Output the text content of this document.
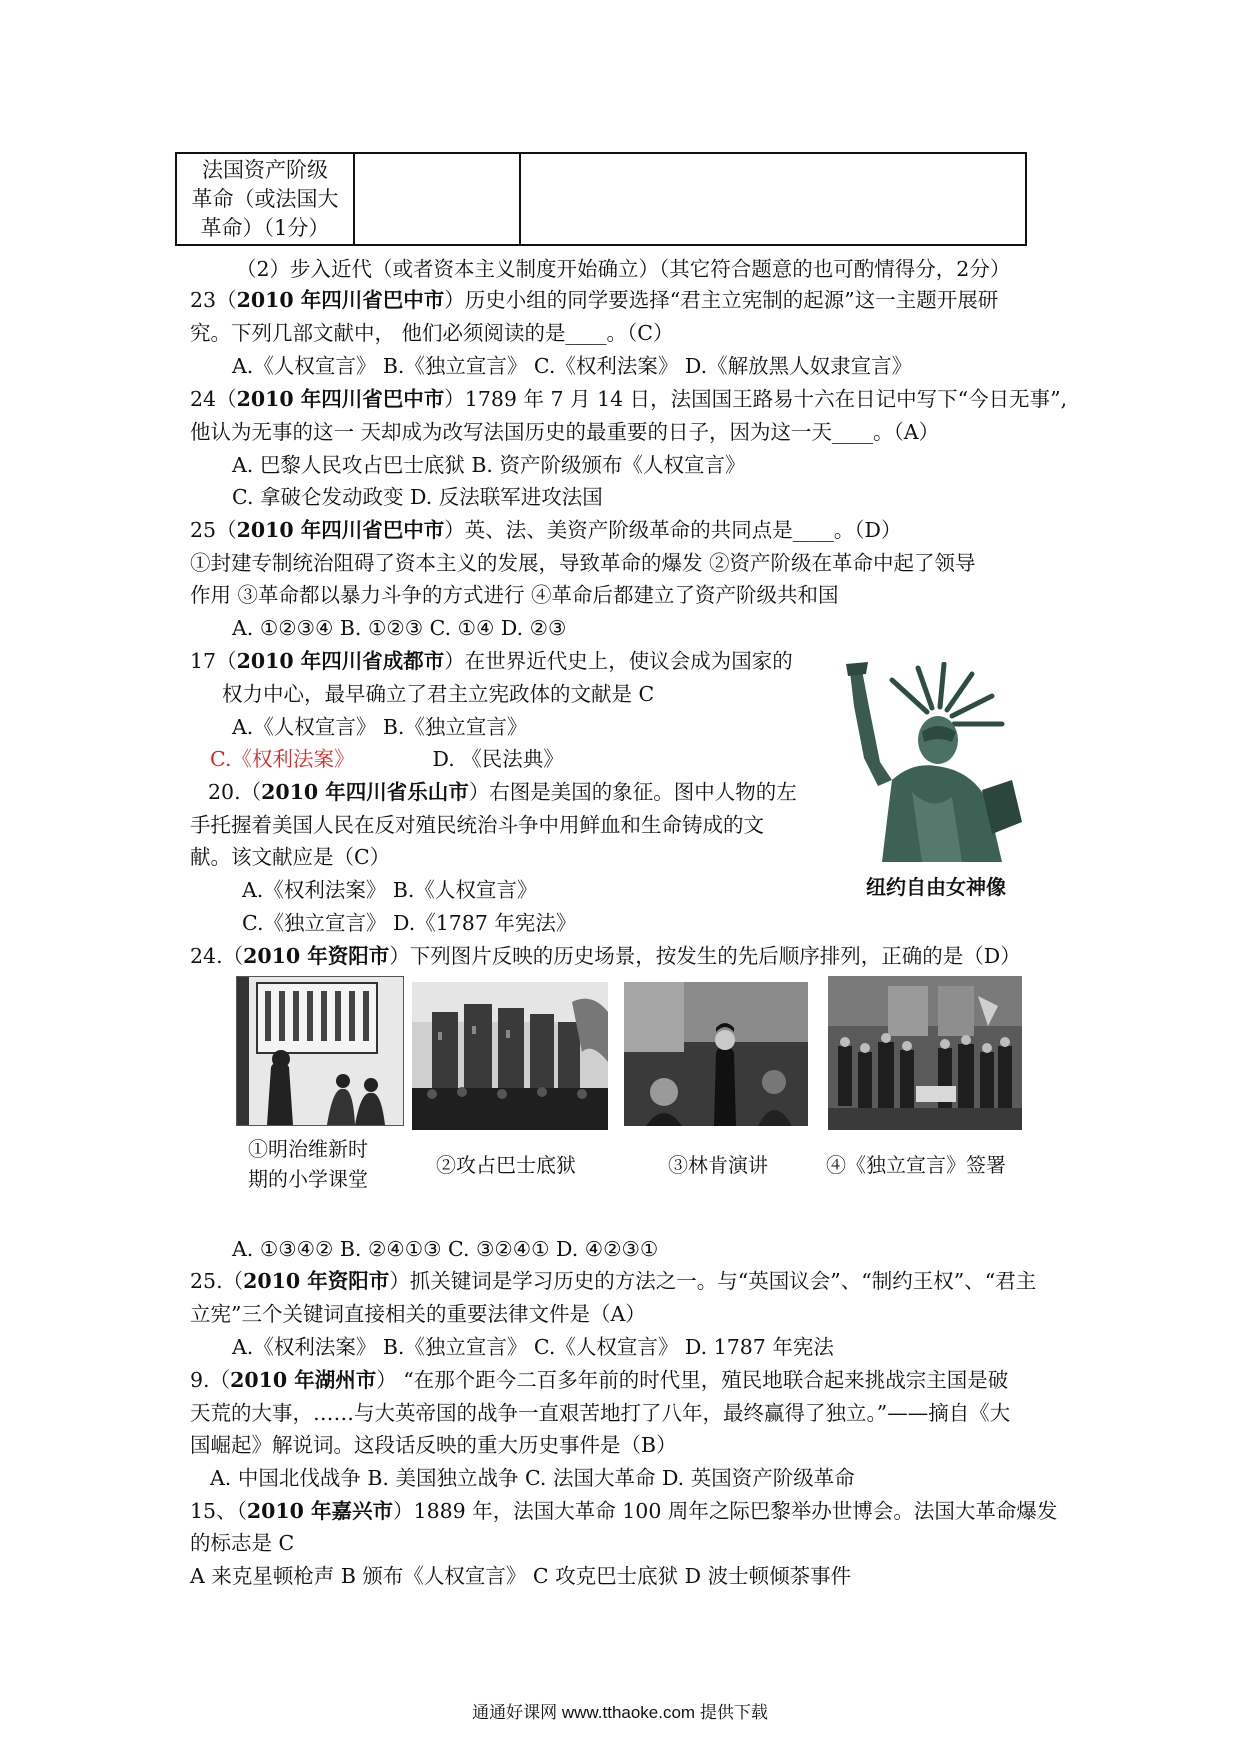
法国资产阶级
革命（或法国大
革命）（1分）
（2）步入近代（或者资本主义制度开始确立）（其它符合题意的也可酌情得分，2分）
23（2010 年四川省巴中市）历史小组的同学要选择“君主立宪制的起源”这一主题开展研
究。下列几部文献中， 他们必须阅读的是____。（C）
A.《人权宣言》 B.《独立宣言》 C.《权利法案》 D.《解放黑人奴隶宣言》
24（2010 年四川省巴中市）1789 年 7 月 14 日，法国国王路易十六在日记中写下“今日无事”,
他认为无事的这一 天却成为改写法国历史的最重要的日子，因为这一天____。（A）
A. 巴黎人民攻占巴士底狱 B. 资产阶级颁布《人权宣言》
C. 拿破仑发动政变 D. 反法联军进攻法国
25（2010 年四川省巴中市）英、法、美资产阶级革命的共同点是____。（D）
①封建专制统治阻碍了资本主义的发展，导致革命的爆发 ②资产阶级在革命中起了领导
作用 ③革命都以暴力斗争的方式进行 ④革命后都建立了资产阶级共和国
A. ①②③④ B. ①②③ C. ①④ D. ②③
17（2010 年四川省成都市）在世界近代史上，使议会成为国家的
权力中心，最早确立了君主立宪政体的文献是 C
A.《人权宣言》 B.《独立宣言》
C.《权利法案》	D. 《民法典》
纽约自由女神像
20.（2010 年四川省乐山市）右图是美国的象征。图中人物的左
手托握着美国人民在反对殖民统治斗争中用鲜血和生命铸成的文
献。该文献应是（C）
A.《权利法案》 B.《人权宣言》
C.《独立宣言》 D.《1787 年宪法》
24.（2010 年资阳市）下列图片反映的历史场景，按发生的先后顺序排列，正确的是（D）
①明治维新时
期的小学课堂
②攻占巴士底狱	③林肯演讲	④《独立宣言》签署
A. ①③④② B. ②④①③ C. ③②④① D. ④②③①
25.（2010 年资阳市）抓关键词是学习历史的方法之一。与“英国议会”、“制约王权”、“君主
立宪”三个关键词直接相关的重要法律文件是（A）
A.《权利法案》 B.《独立宣言》 C.《人权宣言》 D. 1787 年宪法
9.（2010 年湖州市） “在那个距今二百多年前的时代里，殖民地联合起来挑战宗主国是破
天荒的大事，……与大英帝国的战争一直艰苦地打了八年，最终赢得了独立。”——摘自《大
国崛起》解说词。这段话反映的重大历史事件是（B）
A. 中国北伐战争 B. 美国独立战争 C. 法国大革命 D. 英国资产阶级革命
15、（2010 年嘉兴市）1889 年，法国大革命 100 周年之际巴黎举办世博会。法国大革命爆发
的标志是 C
A 来克星顿枪声 B 颁布《人权宣言》 C 攻克巴士底狱 D 波士顿倾茶事件
通通好课网 www.tthaoke.com 提供下载
